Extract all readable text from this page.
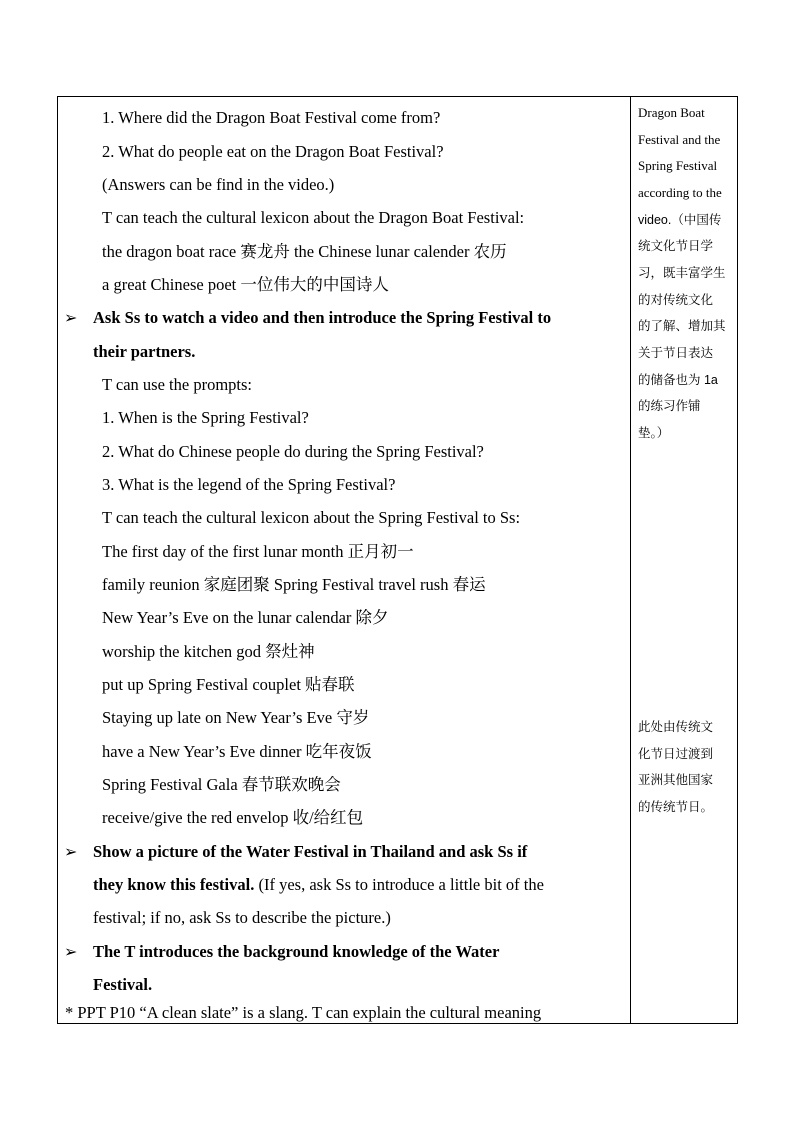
1. Where did the Dragon Boat Festival come from?
2. What do people eat on the Dragon Boat Festival?
(Answers can be find in the video.)
T can teach the cultural lexicon about the Dragon Boat Festival:
the dragon boat race 赛龙舟 the Chinese lunar calender 农历
a great Chinese poet 一位伟大的中国诗人
➢ Ask Ss to watch a video and then introduce the Spring Festival to
their partners.
T can use the prompts:
1. When is the Spring Festival?
2. What do Chinese people do during the Spring Festival?
3. What is the legend of the Spring Festival?
T can teach the cultural lexicon about the Spring Festival to Ss:
The first day of the first lunar month 正月初一
family reunion 家庭团聚 Spring Festival travel rush 春运
New Year’s Eve on the lunar calendar 除夕
worship the kitchen god 祭灶神
put up Spring Festival couplet 贴春联
Staying up late on New Year’s Eve 守岁
have a New Year’s Eve dinner 吃年夜饭
Spring Festival Gala 春节联欢晚会
receive/give the red envelop 收/给红包
➢ Show a picture of the Water Festival in Thailand and ask Ss if
they know this festival. (If yes, ask Ss to introduce a little bit of the
festival; if no, ask Ss to describe the picture.)
➢ The T introduces the background knowledge of the Water
Festival.
* PPT P10 “A clean slate” is a slang. T can explain the cultural meaning
Dragon Boat
Festival and the
Spring Festival
according to the
video.（中国传
统文化节日学
习，既丰富学生
的对传统文化
的了解、增加其
关于节日表达
的储备也为 1a
的练习作铺
垫。）
此处由传统文
化节日过渡到
亚洲其他国家
的传统节日。
